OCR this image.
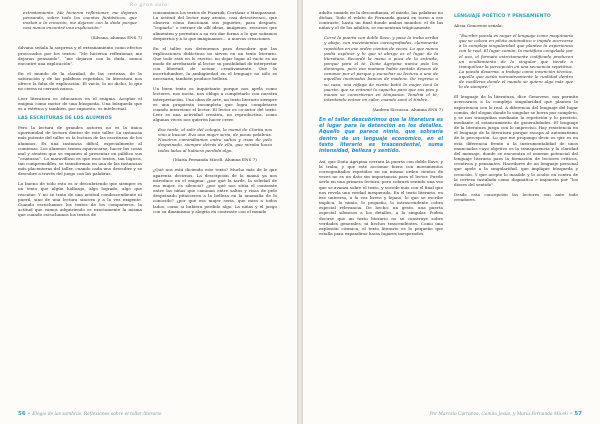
-Ro gran sala-

extrañamiento. Me hicieron reflexionar, me dejaron pensando, sobre todo los cuentos fantásticos, que invitan a la creación, me dejaron con la duda porque casi nunca encontré una explicación.”

(Silvana, alumna ENS 7)

Silvana señala la sorpresa y el extrañamiento como efectos provocados por los textos: “Me hicieron reflexionar, me dejaron pensando”, “me dejaron con la duda, nunca encontré una explicación”.

En el mundo de la claridad, de las certezas, de la saturación y de las palabras repetidas, la literatura nos ofrece la falta de explicación. El vacío, lo no dicho, lo que no cierra ni cerrará nunca.

Leer literatura es educarnos en el enigma. Aceptar el enigma como motor de una búsqueda. Una búsqueda que es a estética y también, por supuesto, es intelectual.

LAS ESCRITURAS DE LOS ALUMNOS

Pero la lectura de grandes autores no es la única oportunidad de lectura dentro de este taller. La instancia más potente del taller es la lectura de las escrituras de los alumnos. Es una instancia difícil, especialmente al comienzo. Los alumnos temen equivocarse, hacer las cosas mal y sienten que se exponen al presentar en público sus “criaturas”. Lo maravilloso es que esos textos, tan lógicos, tan comprensibles, se transforman en una de las instancias más placenteras del taller, cuando cada uno descubre y se descubre a través del juego con las palabras.

Lo bueno de todo esto es ir descubriendo que siempre es un texto que algún hallazgo, algo logrado, algo que rescatar. Y no se trata de una actitud condescendiente ni pueril, sino de una lectura sincera y a la vez exigente. Cuando escuchamos los textos de los compañeros, la actitud que vamos adquiriendo es exactamente la misma que cuando escuchamos los textos de

consumimos los textos de Pizarnik, Cortázar o Maupassant. La actitud del lector muy atento, casi detectivesco, que observa cómo funcionan sus juguetes, para después, “copiarlo” o extraer de allí ideas, imágenes, recursos que alimenten y permitan a su vez dar forma a lo que soñamos despiertos y a lo que imaginamos… a nuevas creaciones.

En el taller nos detenemos para descubrir que las explicaciones didácticas no sirven en un texto literario. Que todo está en lo escrito, no dejar lugar al vacío es un modo de arrebatarle al lector su posibilidad de interpretar con libertad, de actuar creativamente. Que la incertidumbre, la ambigüedad en el lenguaje no sólo es necesaria, también produce belleza.

Un buen texto es inquietante porque nos apela como lectores, nos incita, nos obliga a completarlo con nuestra interpretación. Una obra de arte, un texto literario siempre es una propuesta incompleta que logra completarse cuando interviene el lector. El lector es co-autor del texto. Leer es una actividad creativa, no reproductiva, como algunas veces nos quieren hacer creer.

Eva tarde, al salir del colegio, la mamá de Clarita nos vino a buscar. Eva una mujer seria, de pocas palabras. Nosotros caminábamos entre saltos y risas de pelo despeinado, siempre detrás de ella, que miraba hacia todos lados al hubiera perdido algo.

(María Fernanda Micelí. Alumna ENS 7)

¿Qué nos está diciendo este texto? Mucho más de lo que aparenta decirnos. La descripción de la mamá ya nos introduce en el enigma: ¿por qué la tarde, la soledad de esa mujer, es silencio? ¿por qué nos sitúa el contraste entre las niñas que caminan entre saltos y risas de pelo despeinado pitizcieron a la belleza en la anomalía de lo conocido? ¿por qué esa mujer seria, que mira a todos lados, como si hubiera perdido algo. La niñas y el juego con su dinamismo y alegría en contraste con el mundo

56 • Elogio de las sombras. Reflexiones sobre el taller literario

adulto sumido en la desconfianza, el miedo, las palabras no dichas. Todo el relato de Fernanda girará en torno a ese contraste, hasta un final donde ambos mundos: el de las niñas y el de los adultos, se encuentran trágicamente.

Cerré la puerta con doble llave, y puse la traba arriba y abajo, con movimientos coreografiados, claramente repetidos en ese orden cientos de veces. Lo que nunca podía explicar y lo que sí abrigo es el lugar de la literatura. Recordé la mano a poca de la entrada, porque para el té. Doña Agripina nunca asía los domingos, pero esa mañana había sentido deseos de caminar por el parque y escuchar su lectura a uno de aquellos incómodos bancos de madera. De regreso a su casa, una ráfaga de viento batió la mujer tocó la puerta, que se entrenó la capucha para que sus pies y manos se convirtieran en témpanos. Tendría el té, intentando entrar en calor, cuando sonó el timbre.

(Andrea Siccasca. Alumna ENS 7)

En el taller descubrimos que la literatura es el lugar para la detención en los detalles. Aquello que parece nimio, que sobraría dentro de un lenguaje económico, en el texto literario es trascendental, suma intensidad, belleza y sentido.

Así, que Doña Agripina cerrara la puerta con doble llave, y la traba, y que este accionar fuera con movimientos coreografiados repetidos en un mismo orden cientos de veces no es un dato sin importancia para el lector. Puede serlo en una primera lectura, pero cobrará sentido una vez que se avanza sobre el texto, y sucede más con el final que nos revela una verdad inesperada. En el texto literario, en ese universo, a la vez breve y lejano, lo que se escribe implica, lo nimio, lo pequeño, lo intrascendente cobra especial relevancia. De hecho: un gesto, una puerta especial silencios a los detalles, a lo singular. Podría decirse que un texto literario no se construye sobre verdades generales, ni hechos trascendentes. Como una explosión cósmica, el texto literario es lo pequeño que estalla para expandirse hacia lugares inesperados.

LENGUAJE POÉTICO Y PENSAMIENTO

Alicia Genovese señala:

“Escribir poesía es negar el lenguaje como maquinaria que se coloca en piloto automático e impide acercarse a la compleja singularidad que plantea la experiencia con lo real. El lugar común, la metáfora congelada por el uso, el formato estrictamente codificado producen un ocultamiento de lo singular que tiende a tranquilizar la percepción en una secuencia repetitiva. La poesía desarma, a trabajo como invención técnica, aquello que actúa normativamente le realidad dentro de casilleros donde el mundo se quiere algo más que lo de siempre.”

El lenguaje de la literatura, dice Genovese, nos permite acercarnos a la compleja singularidad que plantea la experiencia con lo real. A diferencia del lenguaje del lugar común, del slogan donde lo singular se borra por completo, y se nos tranquiliza mediante la repetición y lo previsto, mediante el estancamiento de generalidades. El lenguaje de la literatura juega con lo impreciso. Hay resistencia en el lenguaje de la literatura porque escapa al automatismo de la percepción. Lo que me propongo decir es que es en esta diferencia frente a la instrumentalidad de unos enunciados cuyo objetivo es la transparencia y la claridad del mensaje, donde se encuentra el enorme potencial del lenguaje literario para la formación de lectores críticos, creativos y pensantes. Hacedores de un lenguaje personal que apele a la singularidad, que implique búsqueda y creación. Y que acepte lo inasible y lo oculto en contra de la certeza instalada como dogmática e impuesta por “los dioses del sentido”.

Desde esta concepción los lectores son ante todo creadores.

Por Marcela Carranza, Camila Jesús, y María Fernanda Micelí • 57
